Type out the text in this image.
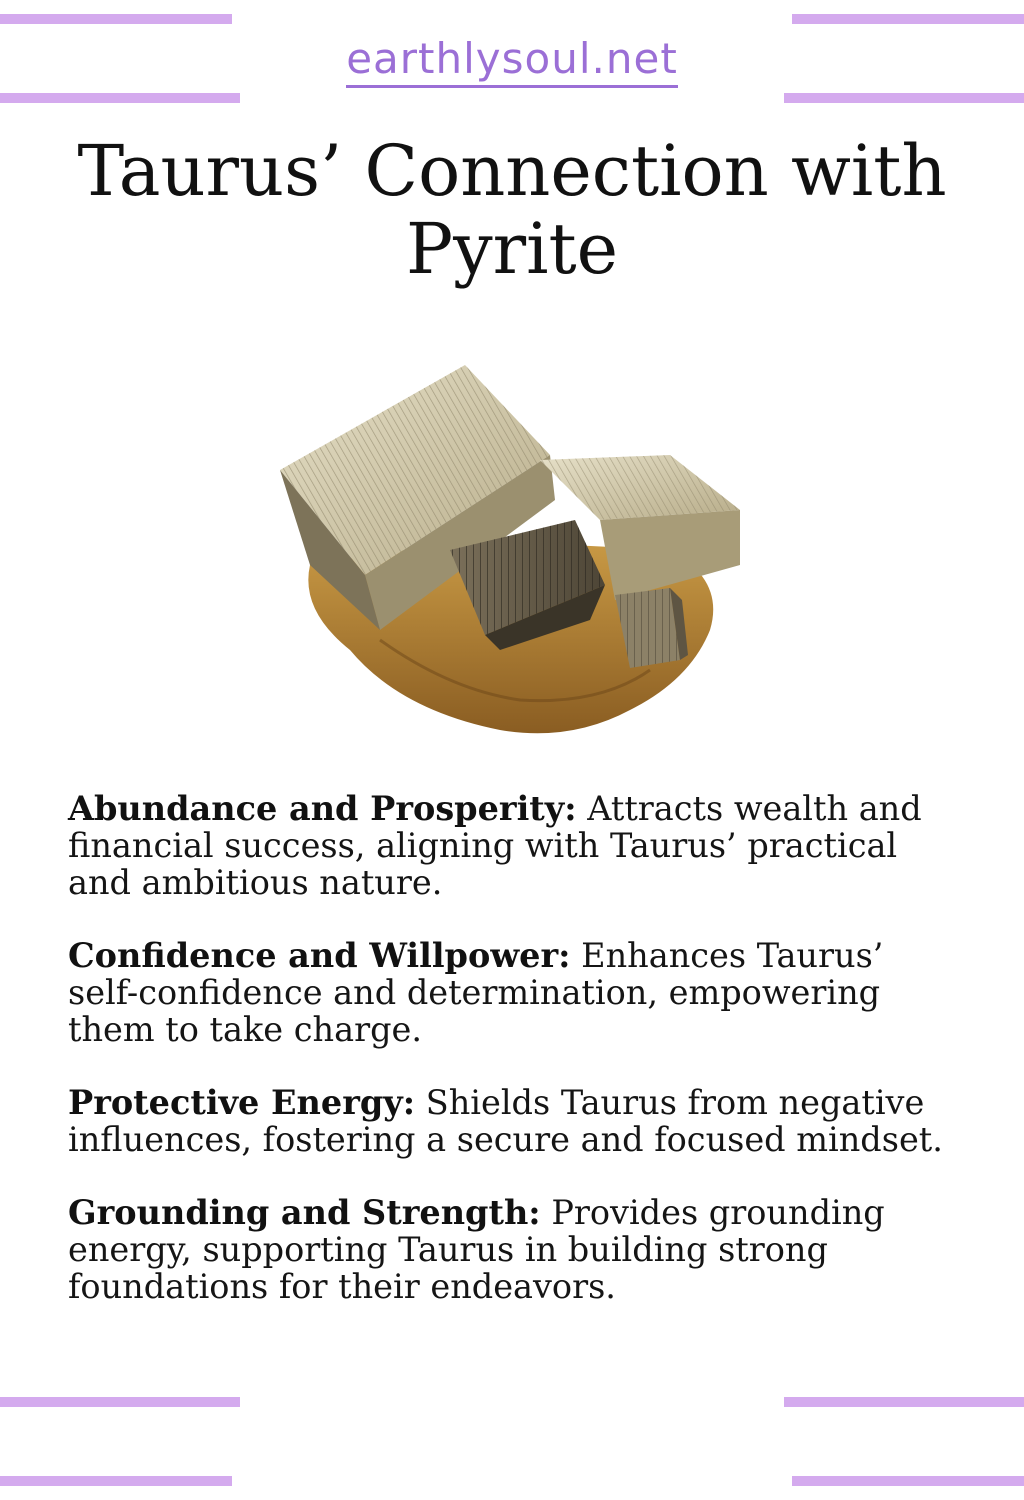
earthlysoul.net
Taurus’ Connection with Pyrite

Abundance and Prosperity: Attracts wealth and financial success, aligning with Taurus’ practical and ambitious nature.

Confidence and Willpower: Enhances Taurus’ self-confidence and determination, empowering them to take charge.

Protective Energy: Shields Taurus from negative influences, fostering a secure and focused mindset.

Grounding and Strength: Provides grounding energy, supporting Taurus in building strong foundations for their endeavors.
